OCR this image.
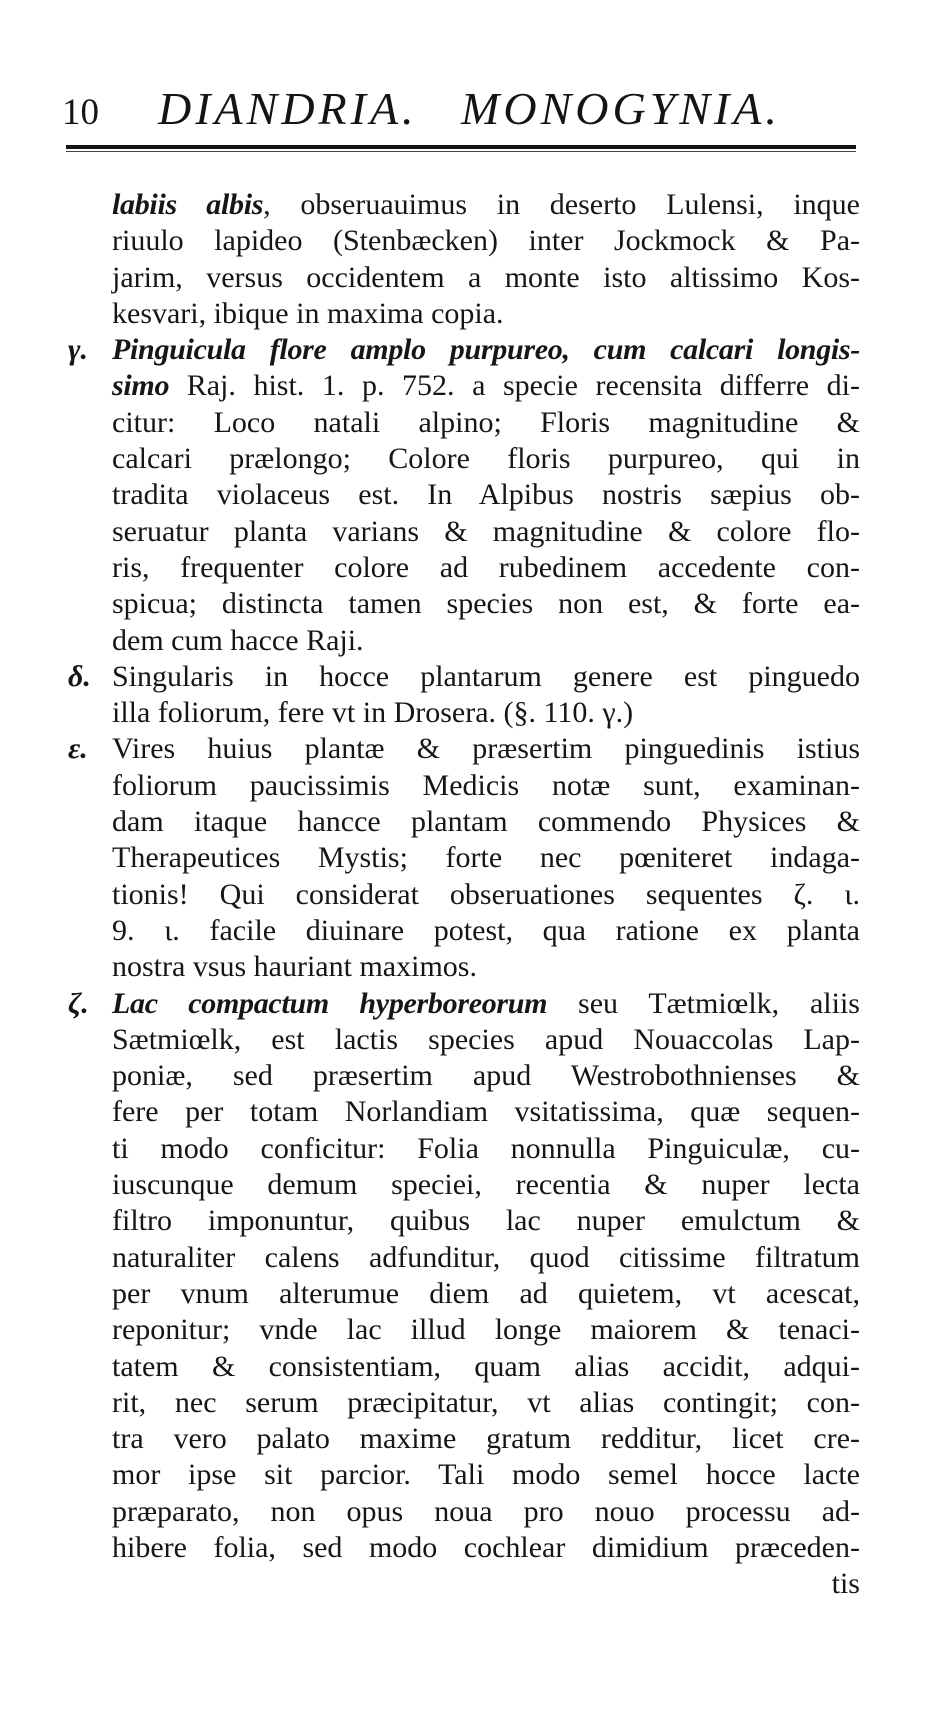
10	DIANDRIA. MONOGYNIA.
labiis albis, obseruauimus in deserto Lulensi, inque
riuulo lapideo (Stenbæcken) inter Jockmock & Pa-
jarim, versus occidentem a monte isto altissimo Kos-
kesvari, ibique in maxima copia.
γ. Pinguicula flore amplo purpureo, cum calcari longis-
simo Raj. hist. 1. p. 752. a specie recensita differre di-
citur: Loco natali alpino; Floris magnitudine &
calcari prælongo; Colore floris purpureo, qui in
tradita violaceus est. In Alpibus nostris sæpius ob-
seruatur planta varians & magnitudine & colore flo-
ris, frequenter colore ad rubedinem accedente con-
spicua; distincta tamen species non est, & forte ea-
dem cum hacce Raji.
δ. Singularis in hocce plantarum genere est pinguedo
illa foliorum, fere vt in Drosera. (§. 110. γ.)
ε. Vires huius plantæ & præsertim pinguedinis istius
foliorum paucissimis Medicis notæ sunt, examinan-
dam itaque hancce plantam commendo Physices &
Therapeutices Mystis; forte nec pœniteret indaga-
tionis! Qui considerat obseruationes sequentes ζ. ι.
9. ι. facile diuinare potest, qua ratione ex planta
nostra vsus hauriant maximos.
ζ. Lac compactum hyperboreorum seu Tætmiœlk, aliis
Sætmiœlk, est lactis species apud Nouaccolas Lap-
poniæ, sed præsertim apud Westrobothnienses &
fere per totam Norlandiam vsitatissima, quæ sequen-
ti modo conficitur: Folia nonnulla Pinguiculæ, cu-
iuscunque demum speciei, recentia & nuper lecta
filtro imponuntur, quibus lac nuper emulctum &
naturaliter calens adfunditur, quod citissime filtratum
per vnum alterumue diem ad quietem, vt acescat,
reponitur; vnde lac illud longe maiorem & tenaci-
tatem & consistentiam, quam alias accidit, adqui-
rit, nec serum præcipitatur, vt alias contingit; con-
tra vero palato maxime gratum redditur, licet cre-
mor ipse sit parcior. Tali modo semel hocce lacte
præparato, non opus noua pro nouo processu ad-
hibere folia, sed modo cochlear dimidium præceden-
tis
